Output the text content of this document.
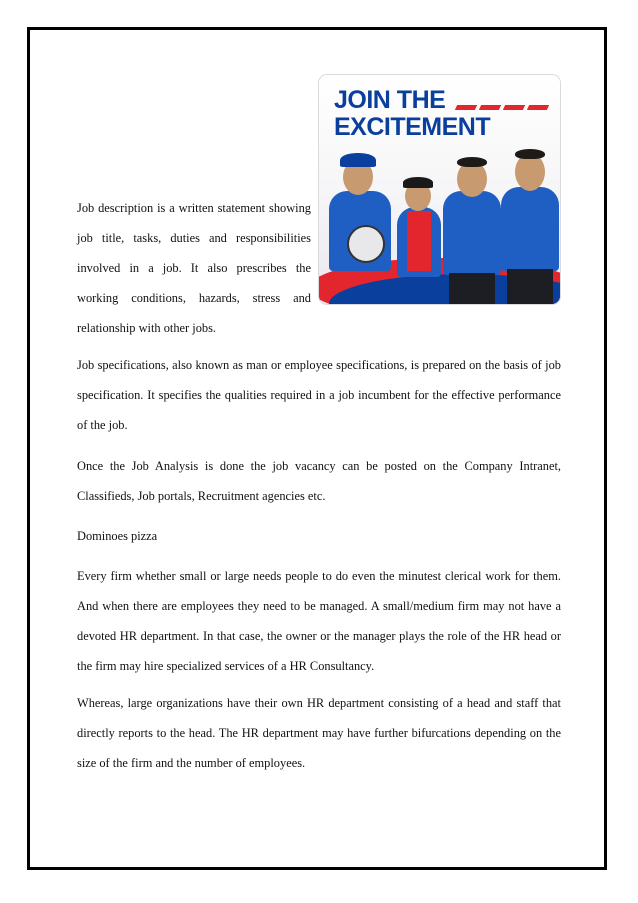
JOIN THE
EXCITEMENT

Job description is a written statement showing job title, tasks, duties and responsibilities involved in a job. It also prescribes the working conditions, hazards, stress and relationship with other jobs.

Job specifications, also known as man or employee specifications, is prepared on the basis of job specification. It specifies the qualities required in a job incumbent for the effective performance of the job.

Once the Job Analysis is done the job vacancy can be posted on the Company Intranet, Classifieds, Job portals, Recruitment agencies etc.

Dominoes pizza

Every firm whether small or large needs people to do even the minutest clerical work for them. And when there are employees they need to be managed. A small/medium firm may not have a devoted HR department. In that case, the owner or the manager plays the role of the HR head or the firm may hire specialized services of a HR Consultancy.

Whereas, large organizations have their own HR department consisting of a head and staff that directly reports to the head. The HR department may have further bifurcations depending on the size of the firm and the number of employees.
